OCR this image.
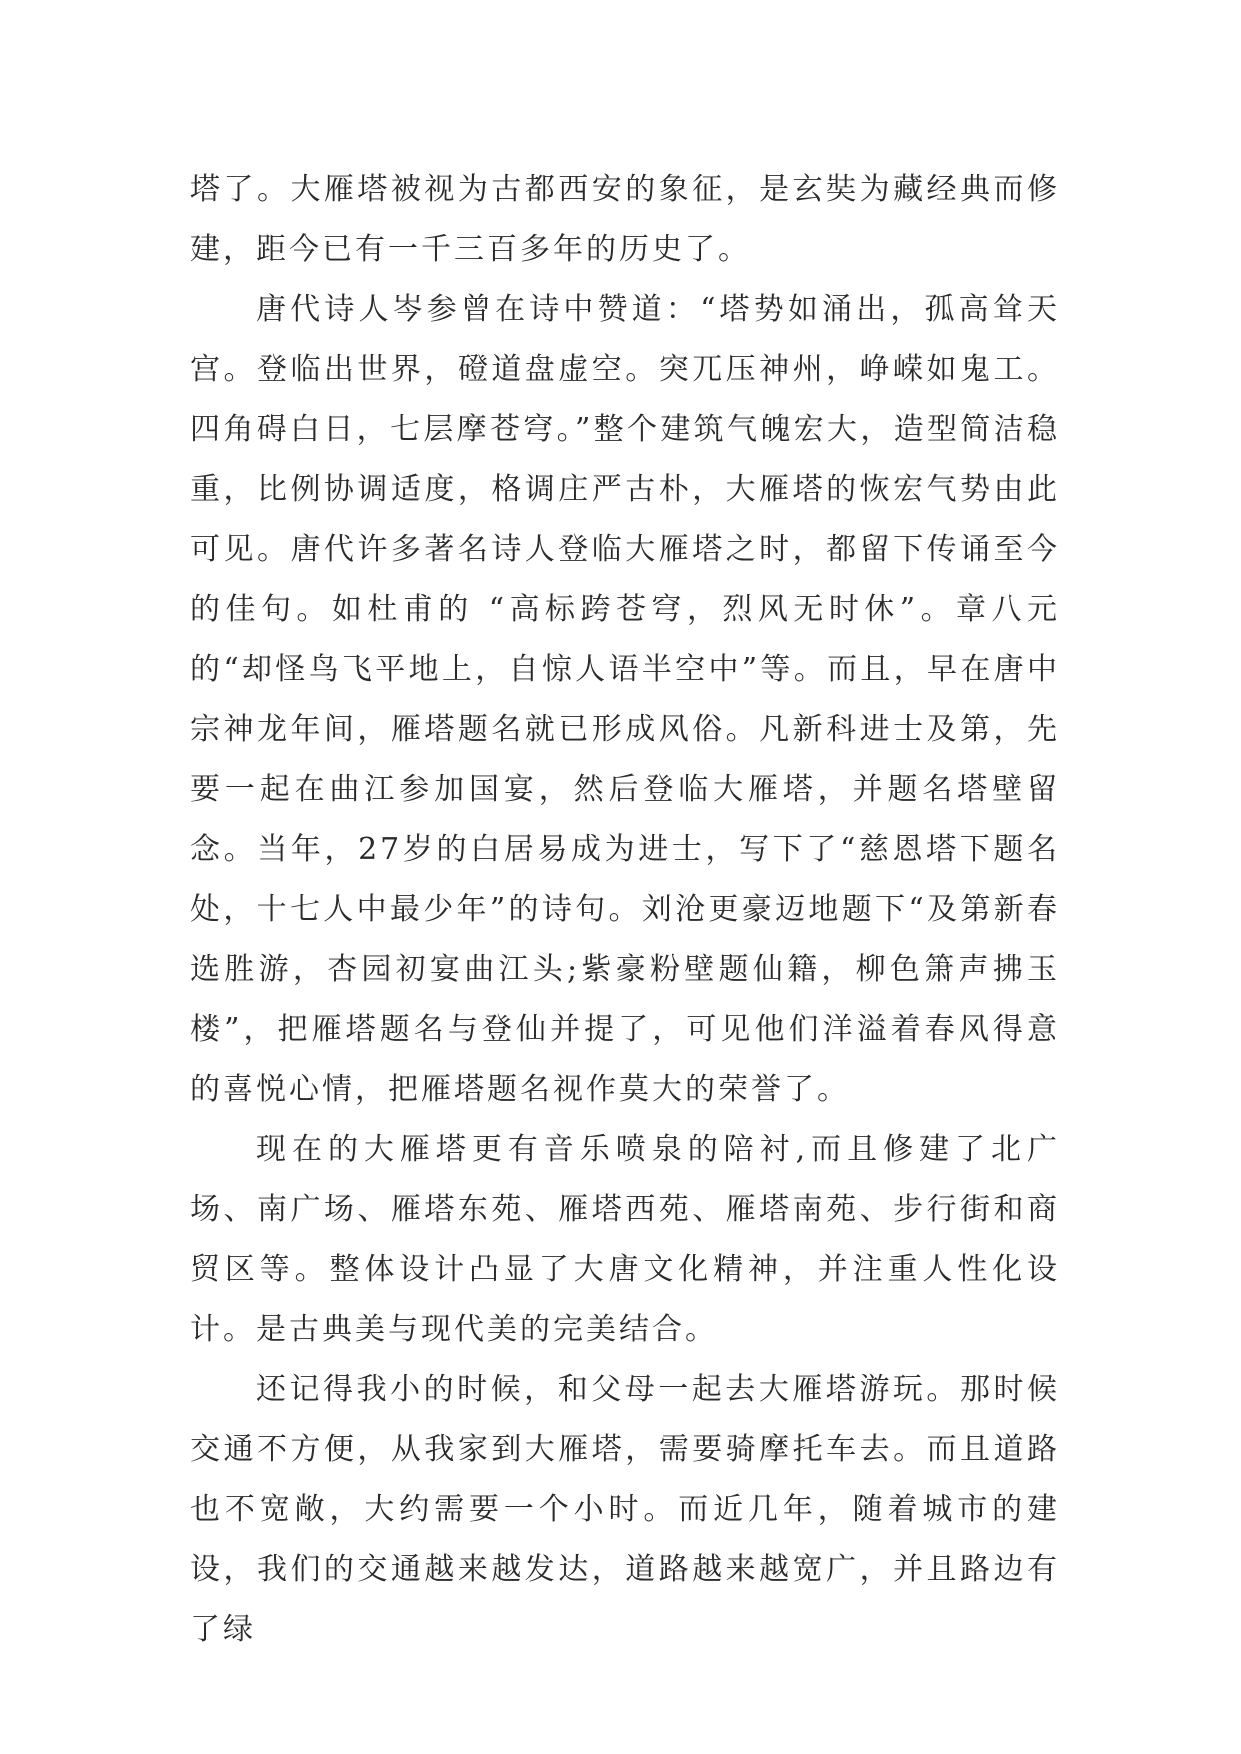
塔了。大雁塔被视为古都西安的象征，是玄奘为藏经典而修建，距今已有一千三百多年的历史了。

唐代诗人岑参曾在诗中赞道：“塔势如涌出，孤高耸天宫。登临出世界，磴道盘虚空。突兀压神州，峥嵘如鬼工。四角碍白日，七层摩苍穹。”整个建筑气魄宏大，造型简洁稳重，比例协调适度，格调庄严古朴，大雁塔的恢宏气势由此可见。唐代许多著名诗人登临大雁塔之时，都留下传诵至今的佳句。如杜甫的 “高标跨苍穹，烈风无时休”。章八元的“却怪鸟飞平地上，自惊人语半空中”等。而且，早在唐中宗神龙年间，雁塔题名就已形成风俗。凡新科进士及第，先要一起在曲江参加国宴，然后登临大雁塔，并题名塔壁留念。当年，27岁的白居易成为进士，写下了“慈恩塔下题名处，十七人中最少年”的诗句。刘沧更豪迈地题下“及第新春选胜游，杏园初宴曲江头;紫豪粉壁题仙籍，柳色箫声拂玉楼”，把雁塔题名与登仙并提了，可见他们洋溢着春风得意的喜悦心情，把雁塔题名视作莫大的荣誉了。

现在的大雁塔更有音乐喷泉的陪衬,而且修建了北广场、南广场、雁塔东苑、雁塔西苑、雁塔南苑、步行街和商贸区等。整体设计凸显了大唐文化精神，并注重人性化设计。是古典美与现代美的完美结合。

还记得我小的时候，和父母一起去大雁塔游玩。那时候交通不方便，从我家到大雁塔，需要骑摩托车去。而且道路也不宽敞，大约需要一个小时。而近几年，随着城市的建设，我们的交通越来越发达，道路越来越宽广，并且路边有了绿
